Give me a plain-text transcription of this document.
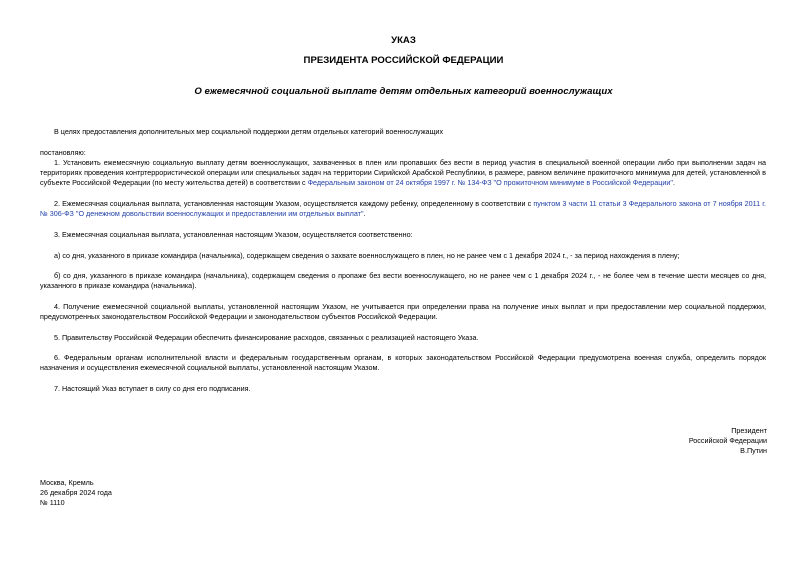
УКАЗ
ПРЕЗИДЕНТА РОССИЙСКОЙ ФЕДЕРАЦИИ
О ежемесячной социальной выплате детям отдельных категорий военнослужащих

В целях предоставления дополнительных мер социальной поддержки детям отдельных категорий военнослужащих

постановляю:

1. Установить ежемесячную социальную выплату детям военнослужащих, захваченных в плен или пропавших без вести в период участия в специальной военной операции либо при выполнении задач на территориях проведения контртеррористической операции или специальных задач на территории Сирийской Арабской Республики, в размере, равном величине прожиточного минимума для детей, установленной в субъекте Российской Федерации (по месту жительства детей) в соответствии с Федеральным законом от 24 октября 1997 г. № 134-ФЗ "О прожиточном минимуме в Российской Федерации".

2. Ежемесячная социальная выплата, установленная настоящим Указом, осуществляется каждому ребенку, определенному в соответствии с пунктом 3 части 11 статьи 3 Федерального закона от 7 ноября 2011 г. № 306-ФЗ "О денежном довольствии военнослужащих и предоставлении им отдельных выплат".

3. Ежемесячная социальная выплата, установленная настоящим Указом, осуществляется соответственно:

а) со дня, указанного в приказе командира (начальника), содержащем сведения о захвате военнослужащего в плен, но не ранее чем с 1 декабря 2024 г., - за период нахождения в плену;

б) со дня, указанного в приказе командира (начальника), содержащем сведения о пропаже без вести военнослужащего, но не ранее чем с 1 декабря 2024 г., - не более чем в течение шести месяцев со дня, указанного в приказе командира (начальника).

4. Получение ежемесячной социальной выплаты, установленной настоящим Указом, не учитывается при определении права на получение иных выплат и при предоставлении мер социальной поддержки, предусмотренных законодательством Российской Федерации и законодательством субъектов Российской Федерации.

5. Правительству Российской Федерации обеспечить финансирование расходов, связанных с реализацией настоящего Указа.

6. Федеральным органам исполнительной власти и федеральным государственным органам, в которых законодательством Российской Федерации предусмотрена военная служба, определить порядок назначения и осуществления ежемесячной социальной выплаты, установленной настоящим Указом.

7. Настоящий Указ вступает в силу со дня его подписания.

Президент
Российской Федерации
В.Путин
Москва, Кремль
26 декабря 2024 года
№ 1110
